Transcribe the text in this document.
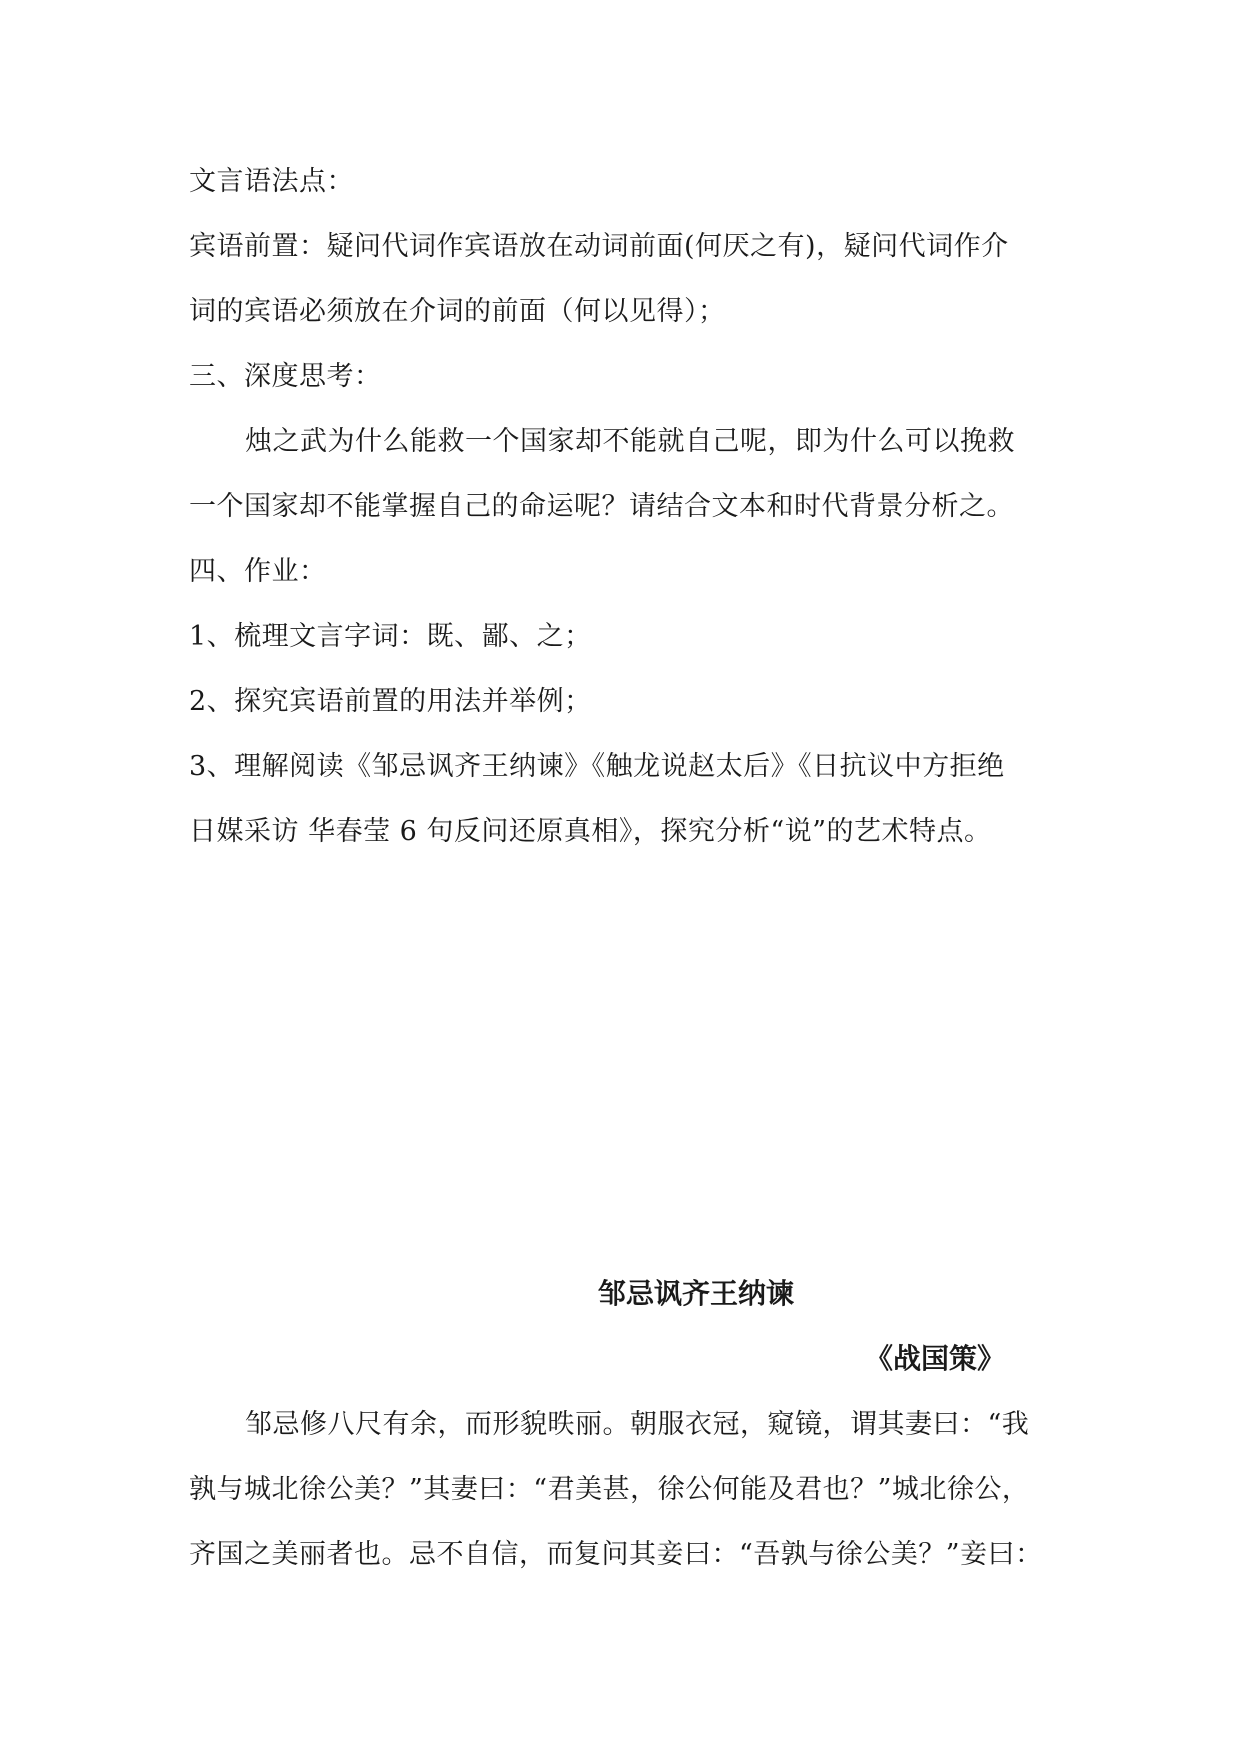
文言语法点：
宾语前置：疑问代词作宾语放在动词前面(何厌之有)，疑问代词作介
词的宾语必须放在介词的前面（何以见得）；
三、深度思考：
烛之武为什么能救一个国家却不能就自己呢，即为什么可以挽救
一个国家却不能掌握自己的命运呢？请结合文本和时代背景分析之。
四、作业：
1、梳理文言字词：既、鄙、之；
2、探究宾语前置的用法并举例；
3、理解阅读《邹忌讽齐王纳谏》《触龙说赵太后》《日抗议中方拒绝
日媒采访 华春莹 6 句反问还原真相》，探究分析“说”的艺术特点。
邹忌讽齐王纳谏
《战国策》
邹忌修八尺有余，而形貌昳丽。朝服衣冠，窥镜，谓其妻曰：“我
孰与城北徐公美？”其妻曰：“君美甚，徐公何能及君也？”城北徐公，
齐国之美丽者也。忌不自信，而复问其妾曰：“吾孰与徐公美？”妾曰：
